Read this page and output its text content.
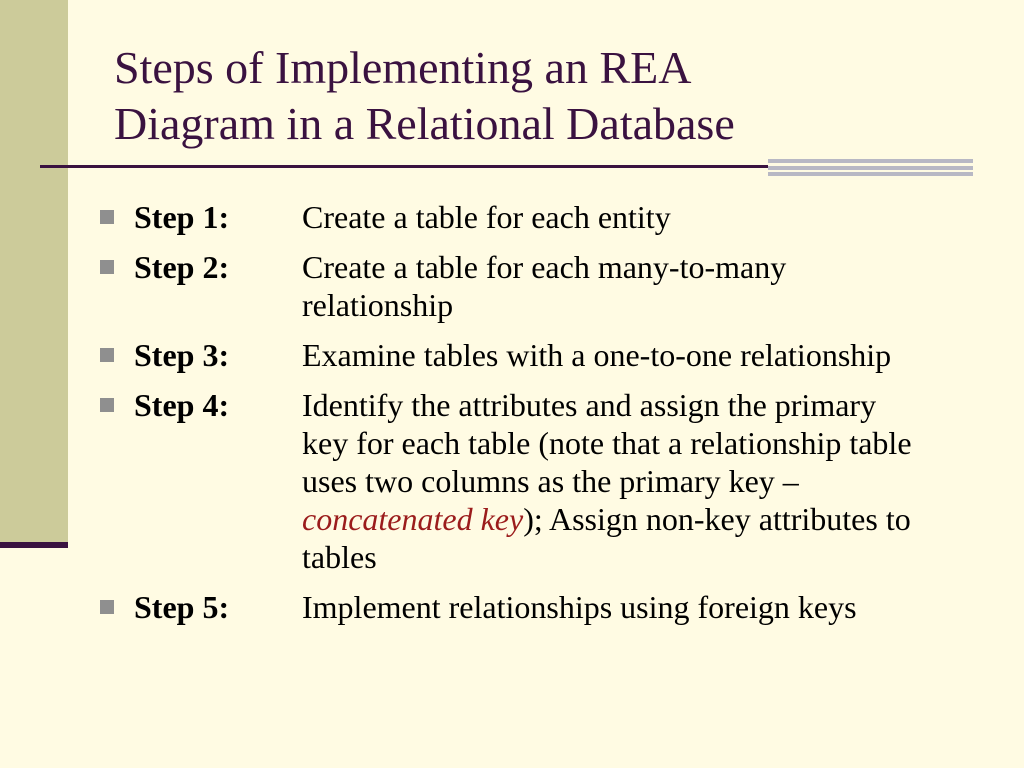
Steps of Implementing an REA
Diagram in a Relational Database
Step 1:	Create a table for each entity
Step 2:	Create a table for each many-to-many relationship
Step 3:	Examine tables with a one-to-one relationship
Step 4:	Identify the attributes and assign the primary key for each table (note that a relationship table uses two columns as the primary key – concatenated key); Assign non-key attributes to tables
Step 5:	Implement relationships using foreign keys
